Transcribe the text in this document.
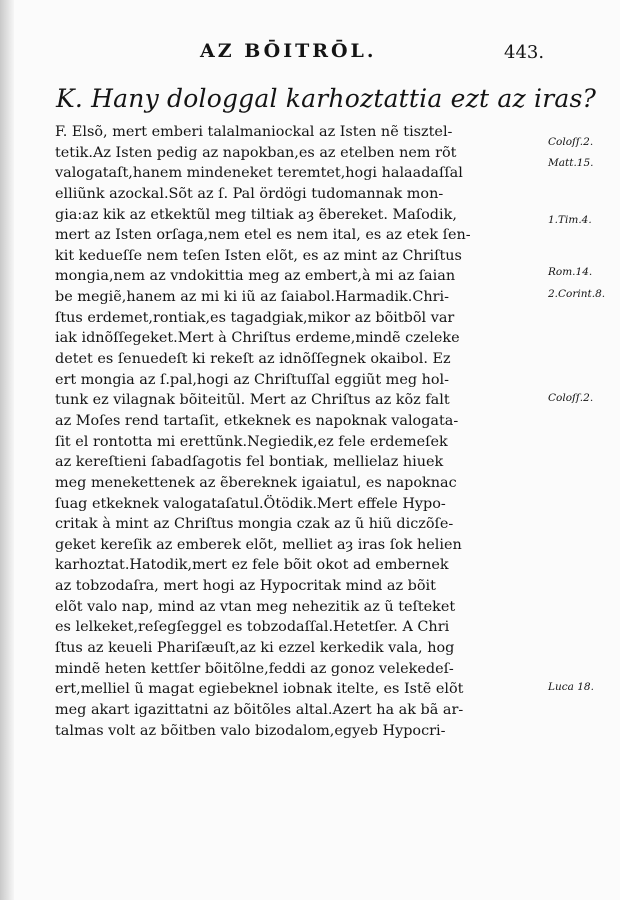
AZ BŌITRŌL.	443.
K. Hany dologgal karhoztattia ezt az iras?
F. Elsõ, mert emberi talalmaniockal az Isten nẽ tisztel-
tetik.Az Isten pedig az napokban,es az etelben nem rõt
valogataſt,hanem mindeneket teremtet,hogi halaadaſſal
elliũnk azockal.Sõt az ſ. Pal ördögi tudomannak mon-
gia:az kik az etkektũl meg tiltiak aȝ ẽbereket. Maſodik,
mert az Isten orſaga,nem etel es nem ital, es az etek ſen-
kit kedueſſe nem teſen Isten elõt, es az mint az Chriſtus
mongia,nem az vndokittia meg az embert,à mi az ſaian
be megiẽ,hanem az mi ki iũ az ſaiabol.Harmadik.Chri-
ſtus erdemet,rontiak,es tagadgiak,mikor az bõitbõl var
iak idnõſſegeket.Mert à Chriſtus erdeme,mindẽ czeleke
detet es ſenuedeſt ki rekeſt az idnõſſegnek okaibol. Ez
ert mongia az ſ.pal,hogi az Chriſtuſſal eggiũt meg hol-
tunk ez vilagnak bõiteitũl. Mert az Chriſtus az kõz falt
az Moſes rend tartaſit, etkeknek es napoknak valogata-
ſit el rontotta mi erettũnk.Negiedik,ez fele erdemeſek
az kereſtieni ſabadſagotis fel bontiak, mellielaz hiuek
meg menekettenek az ẽbereknek igaiatul, es napoknac
ſuag etkeknek valogataſatul.Ötödik.Mert effele Hypo-
critak à mint az Chriſtus mongia czak az ũ hiũ diczõſe-
geket kereſik az emberek elõt, melliet aȝ iras ſok helien
karhoztat.Hatodik,mert ez fele bõit okot ad embernek
az tobzodaſra, mert hogi az Hypocritak mind az bõit
elõt valo nap, mind az vtan meg nehezitik az ũ teſteket
es lelkeket,reſegſeggel es tobzodaſſal.Hetetſer. A Chri
ſtus az keueli Phariſæuſt,az ki ezzel kerkedik vala, hog
mindẽ heten kettſer bõitõlne,feddi az gonoz velekedeſ-
ert,melliel ũ magat egiebeknel iobnak itelte, es Istẽ elõt
meg akart igazittatni az bõitõles altal.Azert ha ak bã ar-
talmas volt az bõitben valo bizodalom,egyeb Hypocri-
Coloſſ.2.
Matt.15.
1.Tim.4.
Rom.14.
2.Corint.8.
Coloſſ.2.
Luca 18.
